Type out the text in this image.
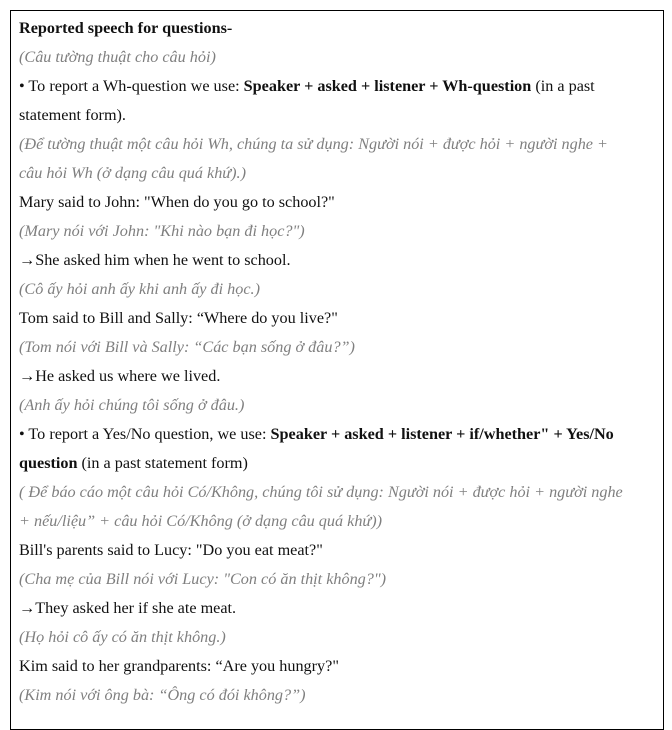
Reported speech for questions-
(Câu tường thuật cho câu hỏi)
• To report a Wh-question we use: Speaker + asked + listener + Wh-question (in a past
statement form).
(Để tường thuật một câu hỏi Wh, chúng ta sử dụng: Người nói + được hỏi + người nghe +
câu hỏi Wh (ở dạng câu quá khứ).)
Mary said to John: "When do you go to school?"
(Mary nói với John: "Khi nào bạn đi học?")
→She asked him when he went to school.
(Cô ấy hỏi anh ấy khi anh ấy đi học.)
Tom said to Bill and Sally: “Where do you live?"
(Tom nói với Bill và Sally: “Các bạn sống ở đâu?”)
→He asked us where we lived.
(Anh ấy hỏi chúng tôi sống ở đâu.)
• To report a Yes/No question, we use: Speaker + asked + listener + if/whether" + Yes/No
question (in a past statement form)
( Để báo cáo một câu hỏi Có/Không, chúng tôi sử dụng: Người nói + được hỏi + người nghe
+ nếu/liệu” + câu hỏi Có/Không (ở dạng câu quá khứ))
Bill's parents said to Lucy: "Do you eat meat?"
(Cha mẹ của Bill nói với Lucy: "Con có ăn thịt không?")
→They asked her if she ate meat.
(Họ hỏi cô ấy có ăn thịt không.)
Kim said to her grandparents: “Are you hungry?"
(Kim nói với ông bà: “Ông có đói không?”)
